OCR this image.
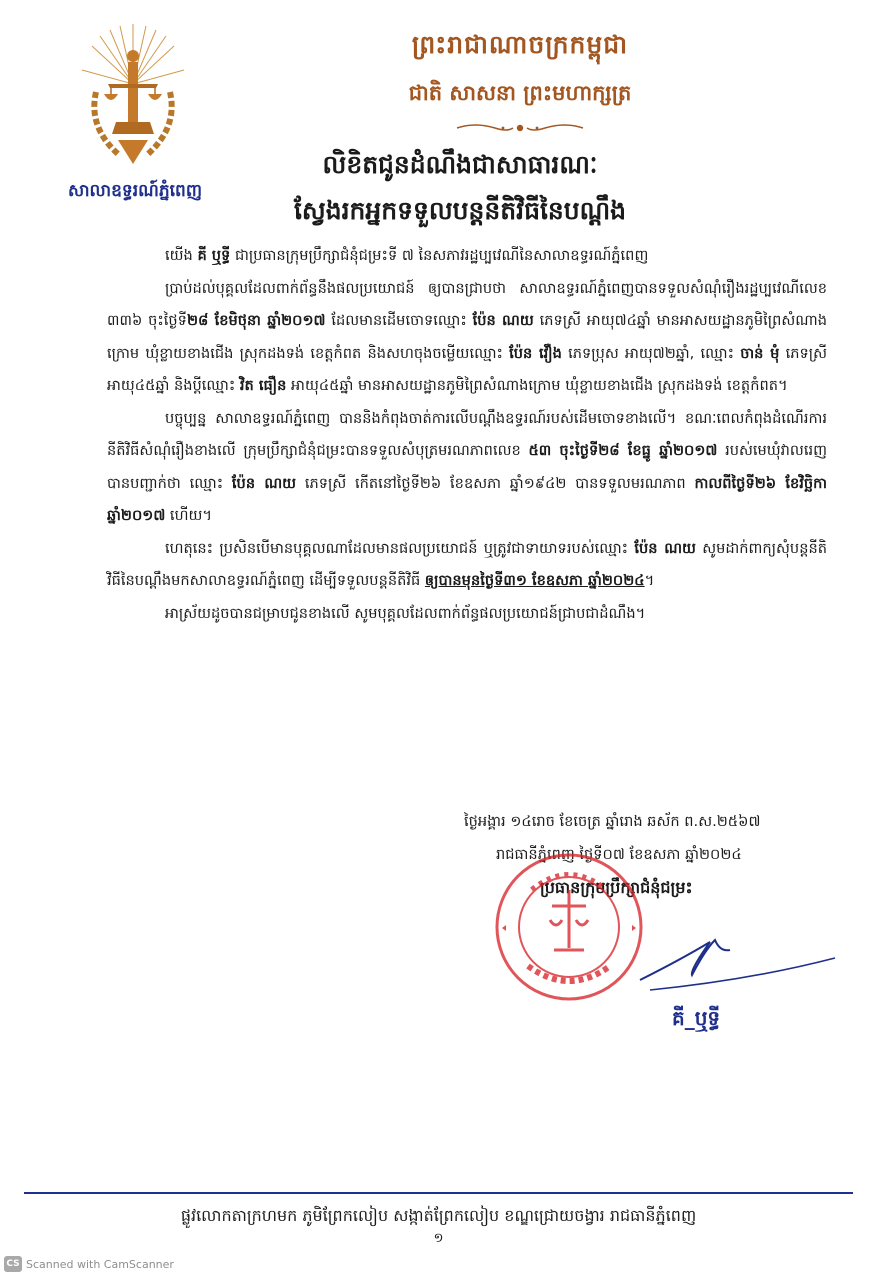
សាលាឧទ្ធរណ៍ភ្នំពេញ
ព្រះរាជាណាចក្រកម្ពុជា
ជាតិ សាសនា ព្រះមហាក្សត្រ
លិខិតជូនដំណឹងជាសាធារណៈ
ស្វែងរកអ្នកទទួលបន្តនីតិវិធីនៃបណ្តឹង

យើង គី ឬទ្ធី ជាប្រធានក្រុមប្រឹក្សាជំនុំជម្រះទី ៧ នៃសភាវរដ្ឋប្បវេណីនៃសាលាឧទ្ធរណ៍ភ្នំពេញ

ប្រាប់ដល់បុគ្គលដែលពាក់ព័ន្ធនឹងផលប្រយោជន៍ ឲ្យបានជ្រាបថា សាលាឧទ្ធរណ៍ភ្នំពេញបានទទួលសំណុំរឿងរដ្ឋប្បវេណីលេខ ៣៣៦ ចុះថ្ងៃទី២៨ ខែមិថុនា ឆ្នាំ២០១៧ ដែលមានដើមចោទឈ្មោះ ប៉ែន ណយ ភេទស្រី អាយុ៧៤ឆ្នាំ មានអាសយដ្ឋានភូមិព្រៃសំណាងក្រោម ឃុំខ្លាយខាងជើង ស្រុកដងទង់ ខេត្តកំពត និងសហចុងចម្លើយឈ្មោះ ប៉ែន វឿង ភេទប្រុស អាយុ៧២ឆ្នាំ, ឈ្មោះ ចាន់ មុំ ភេទស្រី អាយុ៤៥ឆ្នាំ និងប្តីឈ្មោះ វិត ធឿន អាយុ៤៥ឆ្នាំ មានអាសយដ្ឋានភូមិព្រៃសំណាងក្រោម ឃុំខ្លាយខាងជើង ស្រុកដងទង់ ខេត្តកំពត។

បច្ចុប្បន្ន សាលាឧទ្ធរណ៍ភ្នំពេញ បាននិងកំពុងចាត់ការលើបណ្តឹងឧទ្ធរណ៍របស់ដើមចោទខាងលើ។ ខណៈពេលកំពុងដំណើរការនីតិវិធីសំណុំរឿងខាងលើ ក្រុមប្រឹក្សាជំនុំជម្រះបានទទួលសំបុត្រមរណភាពលេខ ៥៣ ចុះថ្ងៃទី២៨ ខែធ្នូ ឆ្នាំ២០១៧ របស់មេឃុំវាលរេញ បានបញ្ជាក់ថា ឈ្មោះ ប៉ែន ណយ ភេទស្រី កើតនៅថ្ងៃទី២៦ ខែឧសភា ឆ្នាំ១៩៤២ បានទទួលមរណភាព កាលពីថ្ងៃទី២៦ ខែវិច្ឆិកា ឆ្នាំ២០១៧ ហើយ។

ហេតុនេះ ប្រសិនបើមានបុគ្គលណាដែលមានផលប្រយោជន៍ ឬត្រូវជាទាយាទរបស់ឈ្មោះ ប៉ែន ណយ សូមដាក់ពាក្យសុំបន្តនីតិវិធីនៃបណ្តឹងមកសាលាឧទ្ធរណ៍ភ្នំពេញ ដើម្បីទទួលបន្តនីតិវិធី ឲ្យបានមុនថ្ងៃទី៣១ ខែឧសភា ឆ្នាំ២០២៤។

អាស្រ័យដូចបានជម្រាបជូនខាងលើ សូមបុគ្គលដែលពាក់ព័ន្ធផលប្រយោជន៍ជ្រាបជាដំណឹង។

ថ្ងៃអង្គារ ១៤រោច ខែចេត្រ ឆ្នាំរោង ឆស័ក ព.ស.២៥៦៧
រាជធានីភ្នំពេញ ថ្ងៃទី០៧ ខែឧសភា ឆ្នាំ២០២៤
ប្រធានក្រុមប្រឹក្សាជំនុំជម្រះ
គី_ឬទ្ធី
ផ្លូវលោកតាក្រហមក ភូមិព្រែកលៀប សង្កាត់ព្រែកលៀប ខណ្ឌជ្រោយចង្វារ រាជធានីភ្នំពេញ
១
CS Scanned with CamScanner
